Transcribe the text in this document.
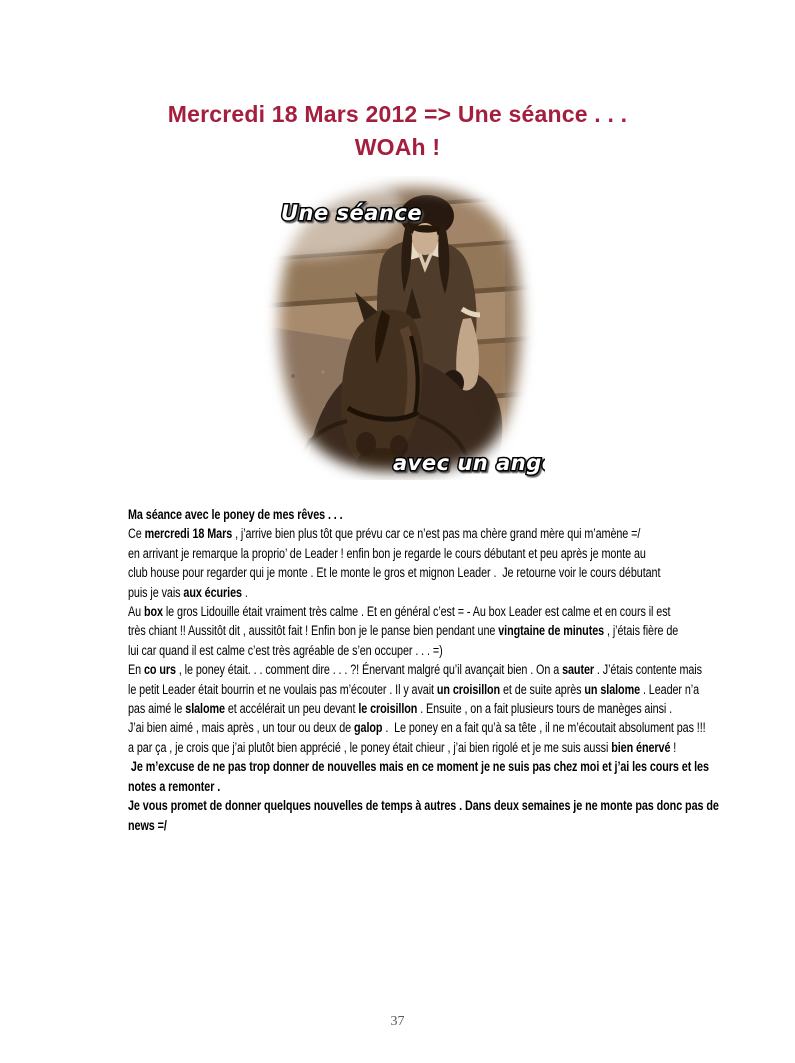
Mercredi 18 Mars 2012 => Une séance . . .
WOAh !
Une séance
avec un ange
Ma séance avec le poney de mes rêves . . .
Ce mercredi 18 Mars , j’arrive bien plus tôt que prévu car ce n’est pas ma chère grand mère qui m’amène =/
en arrivant je remarque la proprio’ de Leader ! enfin bon je regarde le cours débutant et peu après je monte au
club house pour regarder qui je monte . Et le monte le gros et mignon Leader .  Je retourne voir le cours débutant
puis je vais aux écuries .
Au box le gros Lidouille était vraiment très calme . Et en général c’est = - Au box Leader est calme et en cours il est
très chiant !! Aussitôt dit , aussitôt fait ! Enfin bon je le panse bien pendant une vingtaine de minutes , j’étais fière de
lui car quand il est calme c’est très agréable de s’en occuper . . . =)
En co urs , le poney était. . . comment dire . . . ?! Énervant malgré qu’il avançait bien . On a sauter . J’étais contente mais
le petit Leader était bourrin et ne voulais pas m’écouter . Il y avait un croisillon et de suite après un slalome . Leader n’a
pas aimé le slalome et accélérait un peu devant le croisillon . Ensuite , on a fait plusieurs tours de manèges ainsi .
J’ai bien aimé , mais après , un tour ou deux de galop .  Le poney en a fait qu’à sa tête , il ne m’écoutait absolument pas !!!
a par ça , je crois que j’ai plutôt bien apprécié , le poney était chieur , j’ai bien rigolé et je me suis aussi bien énervé !
Je m’excuse de ne pas trop donner de nouvelles mais en ce moment je ne suis pas chez moi et j’ai les cours et les
notes a remonter .
Je vous promet de donner quelques nouvelles de temps à autres . Dans deux semaines je ne monte pas donc pas de
news =/
37
